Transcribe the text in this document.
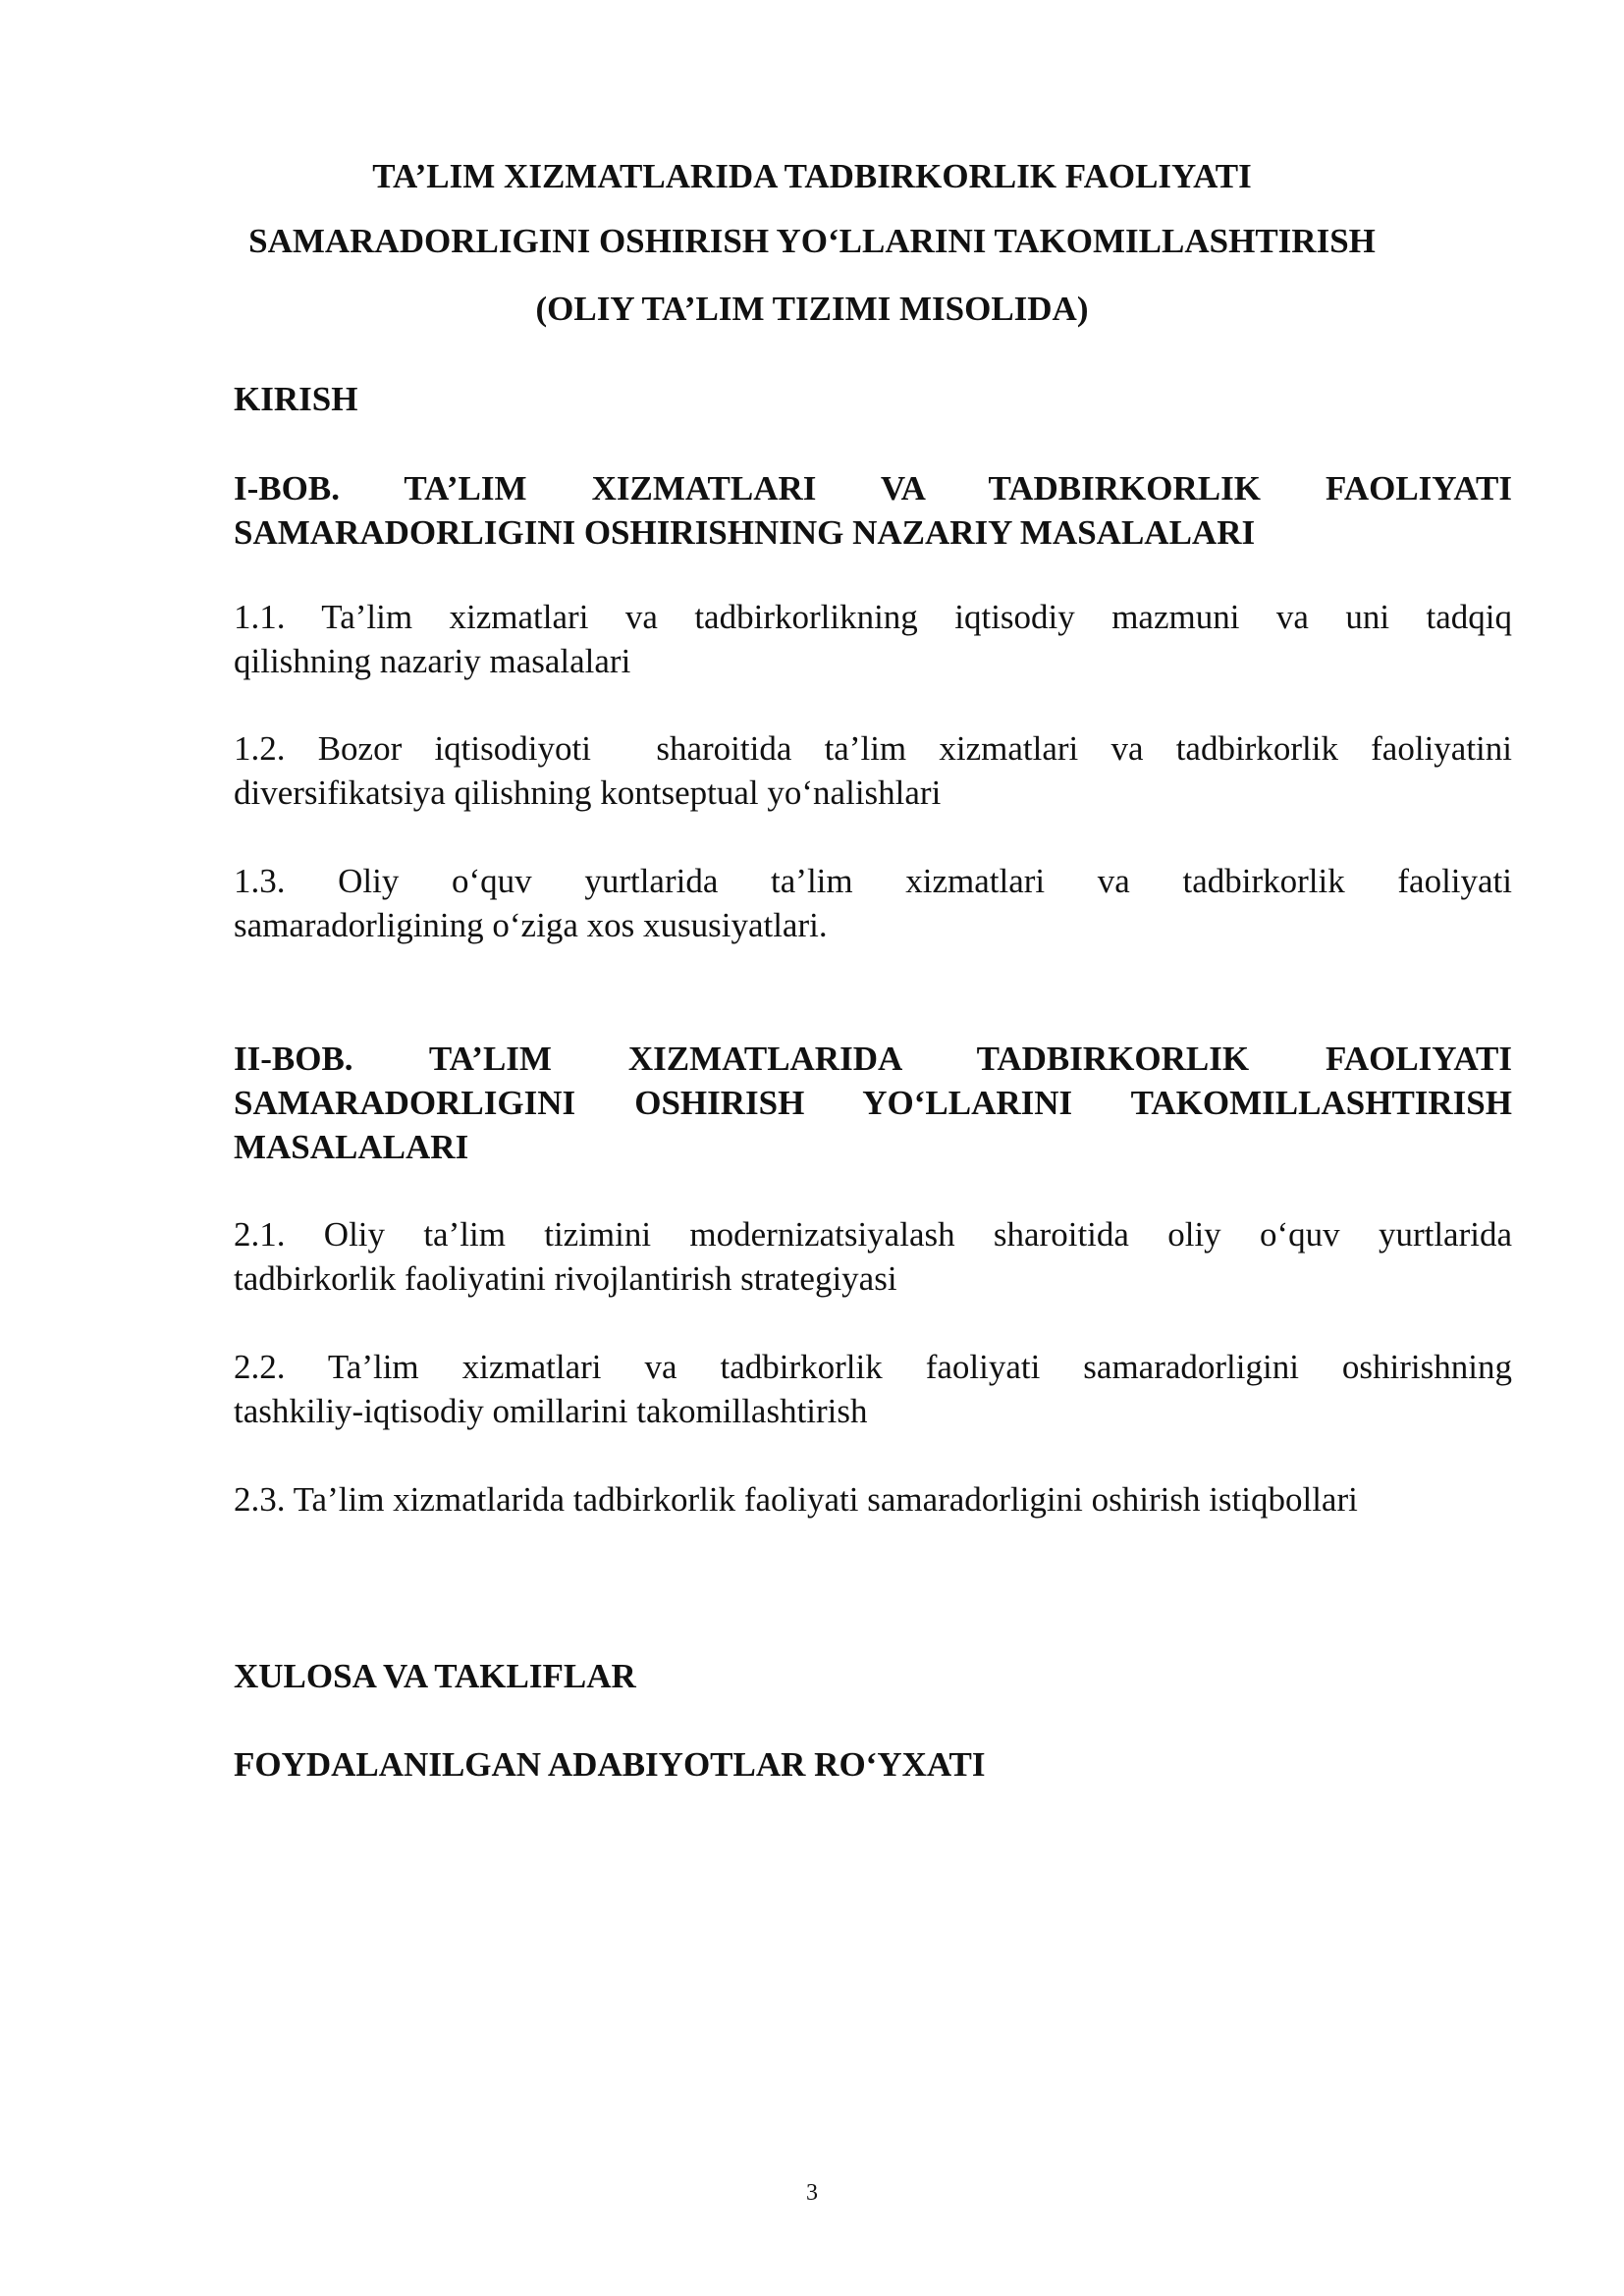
TA’LIM XIZMATLARIDA TADBIRKORLIK FAOLIYATI
SAMARADORLIGINI OSHIRISH YO‘LLARINI TAKOMILLASHTIRISH
(OLIY TA’LIM TIZIMI MISOLIDA)
KIRISH
I-BOB. TA’LIM XIZMATLARI VA TADBIRKORLIK FAOLIYATI
SAMARADORLIGINI OSHIRISHNING NAZARIY MASALALARI
1.1. Ta’lim xizmatlari va tadbirkorlikning iqtisodiy mazmuni va uni tadqiq
qilishning nazariy masalalari
1.2. Bozor iqtisodiyoti  sharoitida ta’lim xizmatlari va tadbirkorlik faoliyatini
diversifikatsiya qilishning kontseptual yo‘nalishlari
1.3. Oliy o‘quv yurtlarida ta’lim xizmatlari va tadbirkorlik faoliyati
samaradorligining o‘ziga xos xususiyatlari.
II-BOB. TA’LIM XIZMATLARIDA TADBIRKORLIK FAOLIYATI
SAMARADORLIGINI OSHIRISH YO‘LLARINI TAKOMILLASHTIRISH
MASALALARI
2.1. Oliy ta’lim tizimini modernizatsiyalash sharoitida oliy o‘quv yurtlarida
tadbirkorlik faoliyatini rivojlantirish strategiyasi
2.2. Ta’lim xizmatlari va tadbirkorlik faoliyati samaradorligini oshirishning
tashkiliy-iqtisodiy omillarini takomillashtirish
2.3. Ta’lim xizmatlarida tadbirkorlik faoliyati samaradorligini oshirish istiqbollari
XULOSA VA TAKLIFLAR
FOYDALANILGAN ADABIYOTLAR RO‘YXATI
3
